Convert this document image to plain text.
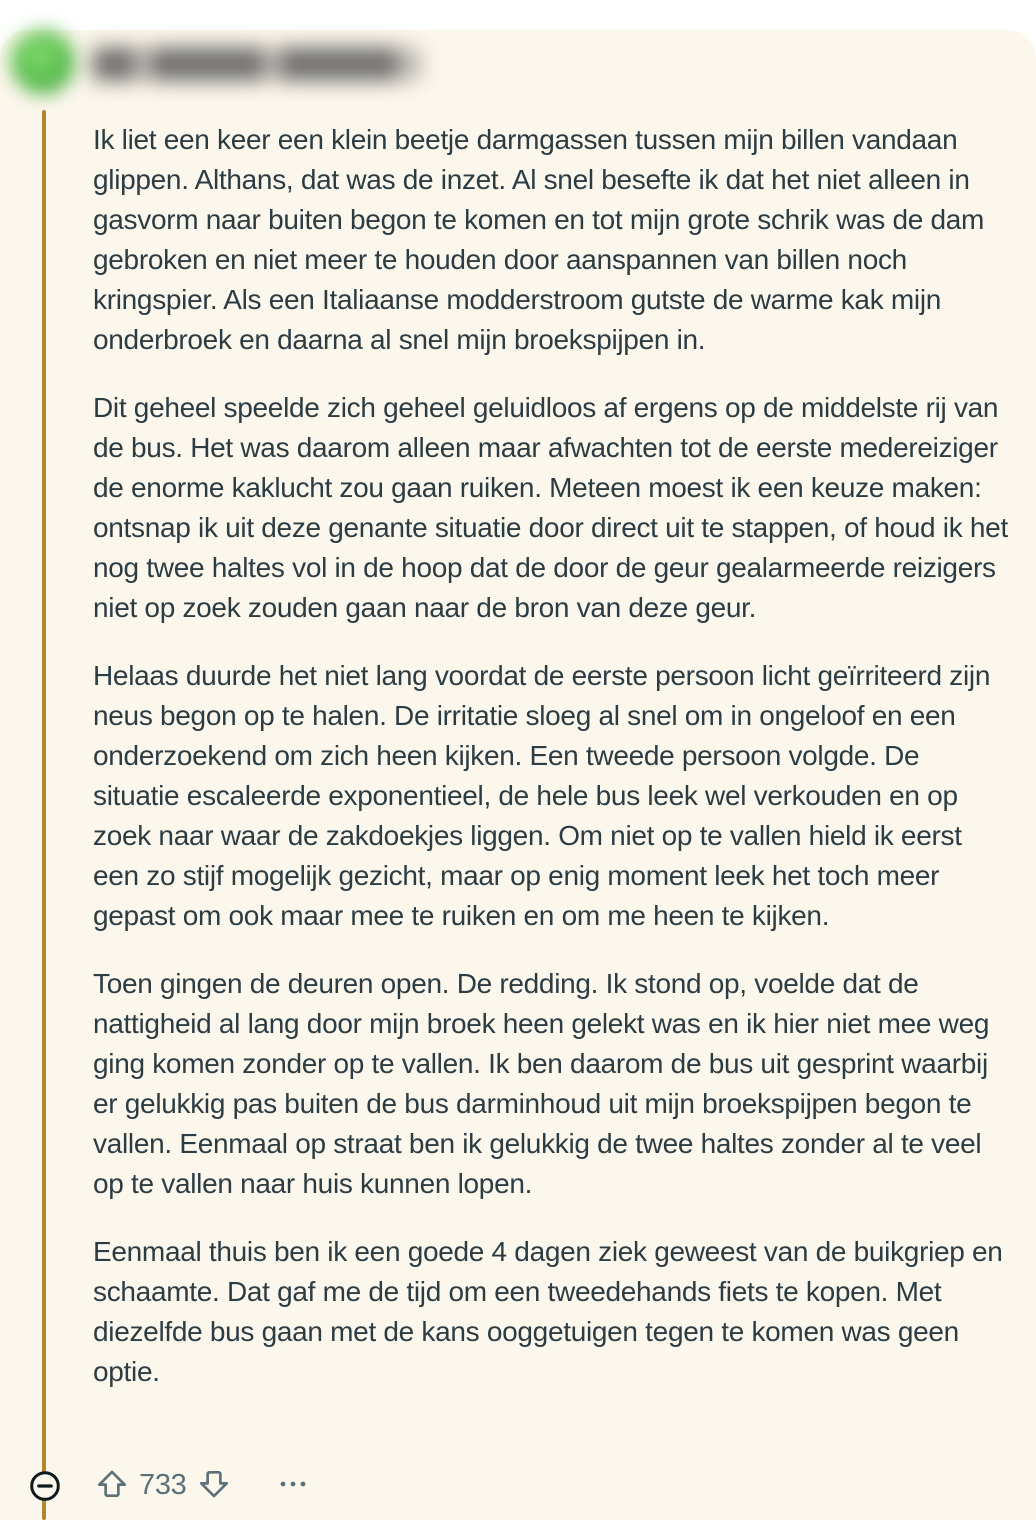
Ik liet een keer een klein beetje darmgassen tussen mijn billen vandaan glippen. Althans, dat was de inzet. Al snel besefte ik dat het niet alleen in gasvorm naar buiten begon te komen en tot mijn grote schrik was de dam gebroken en niet meer te houden door aanspannen van billen noch kringspier. Als een Italiaanse modderstroom gutste de warme kak mijn onderbroek en daarna al snel mijn broekspijpen in.

Dit geheel speelde zich geheel geluidloos af ergens op de middelste rij van de bus. Het was daarom alleen maar afwachten tot de eerste medereiziger de enorme kaklucht zou gaan ruiken. Meteen moest ik een keuze maken: ontsnap ik uit deze genante situatie door direct uit te stappen, of houd ik het nog twee haltes vol in de hoop dat de door de geur gealarmeerde reizigers niet op zoek zouden gaan naar de bron van deze geur.

Helaas duurde het niet lang voordat de eerste persoon licht geïrriteerd zijn neus begon op te halen. De irritatie sloeg al snel om in ongeloof en een onderzoekend om zich heen kijken. Een tweede persoon volgde. De situatie escaleerde exponentieel, de hele bus leek wel verkouden en op zoek naar waar de zakdoekjes liggen. Om niet op te vallen hield ik eerst een zo stijf mogelijk gezicht, maar op enig moment leek het toch meer gepast om ook maar mee te ruiken en om me heen te kijken.

Toen gingen de deuren open. De redding. Ik stond op, voelde dat de nattigheid al lang door mijn broek heen gelekt was en ik hier niet mee weg ging komen zonder op te vallen. Ik ben daarom de bus uit gesprint waarbij er gelukkig pas buiten de bus darminhoud uit mijn broekspijpen begon te vallen. Eenmaal op straat ben ik gelukkig de twee haltes zonder al te veel op te vallen naar huis kunnen lopen.

Eenmaal thuis ben ik een goede 4 dagen ziek geweest van de buikgriep en schaamte. Dat gaf me de tijd om een tweedehands fiets te kopen. Met diezelfde bus gaan met de kans ooggetuigen tegen te komen was geen optie.

733
